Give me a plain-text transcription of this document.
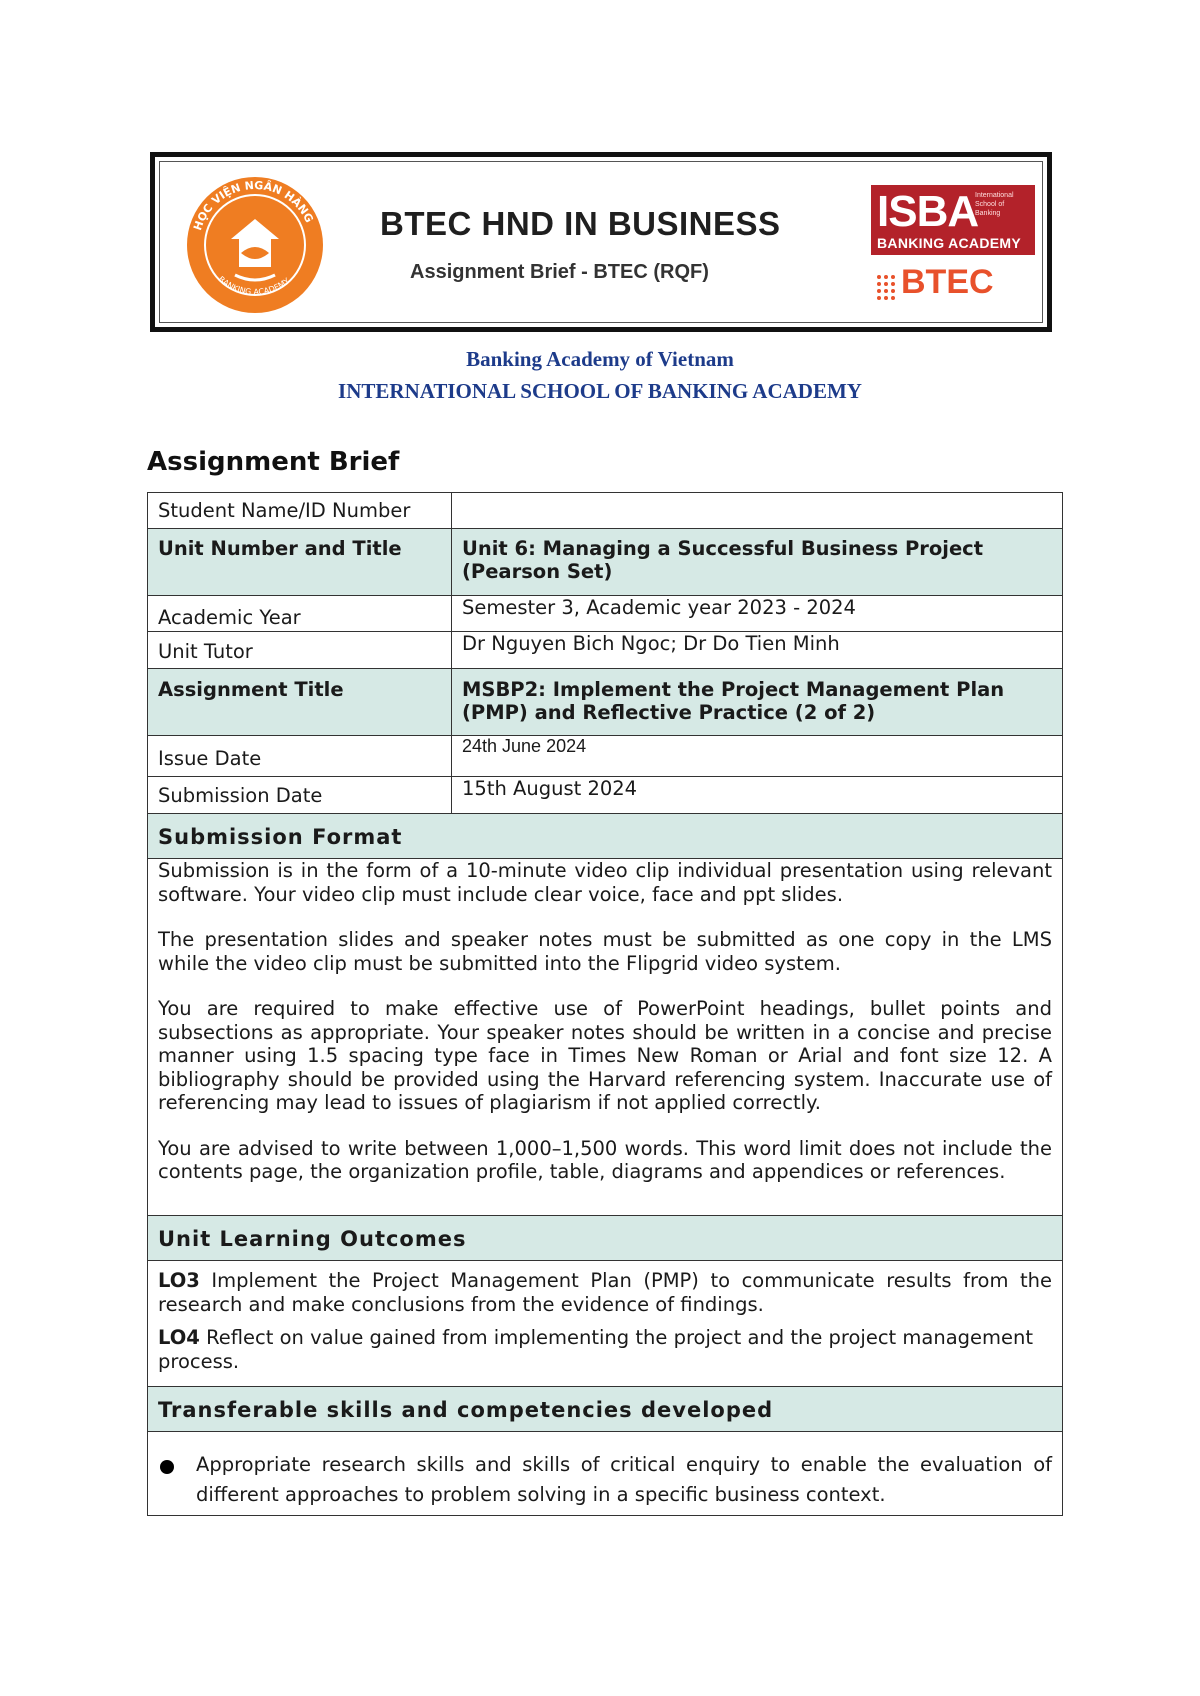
HỌC VIỆN NGÂN HÀNG
BANKING ACADEMY
BTEC HND IN BUSINESS
Assignment Brief - BTEC (RQF)
ISBA
International School of Banking
BANKING ACADEMY
BTEC
Banking Academy of Vietnam
INTERNATIONAL SCHOOL OF BANKING ACADEMY
Assignment Brief
Student Name/ID Number	
Unit Number and Title	Unit 6: Managing a Successful Business Project (Pearson Set)
Academic Year	Semester 3, Academic year 2023 - 2024
Unit Tutor	Dr Nguyen Bich Ngoc; Dr Do Tien Minh
Assignment Title	MSBP2: Implement the Project Management Plan (PMP) and Reflective Practice (2 of 2)
Issue Date	24th June 2024
Submission Date	15th August 2024
Submission Format	

Submission is in the form of a 10-minute video clip individual presentation using relevant software. Your video clip must include clear voice, face and ppt slides.

The presentation slides and speaker notes must be submitted as one copy in the LMS while the video clip must be submitted into the Flipgrid video system.

You are required to make effective use of PowerPoint headings, bullet points and subsections as appropriate. Your speaker notes should be written in a concise and precise manner using 1.5 spacing type face in Times New Roman or Arial and font size 12. A bibliography should be provided using the Harvard referencing system. Inaccurate use of referencing may lead to issues of plagiarism if not applied correctly.

You are advised to write between 1,000–1,500 words. This word limit does not include the contents page, the organization profile, table, diagrams and appendices or references.	

Unit Learning Outcomes	

LO3 Implement the Project Management Plan (PMP) to communicate results from the research and make conclusions from the evidence of findings.

LO4 Reflect on value gained from implementing the project and the project management process.	

Transferable skills and competencies developed	

Appropriate research skills and skills of critical enquiry to enable the evaluation of different approaches to problem solving in a specific business context.	
